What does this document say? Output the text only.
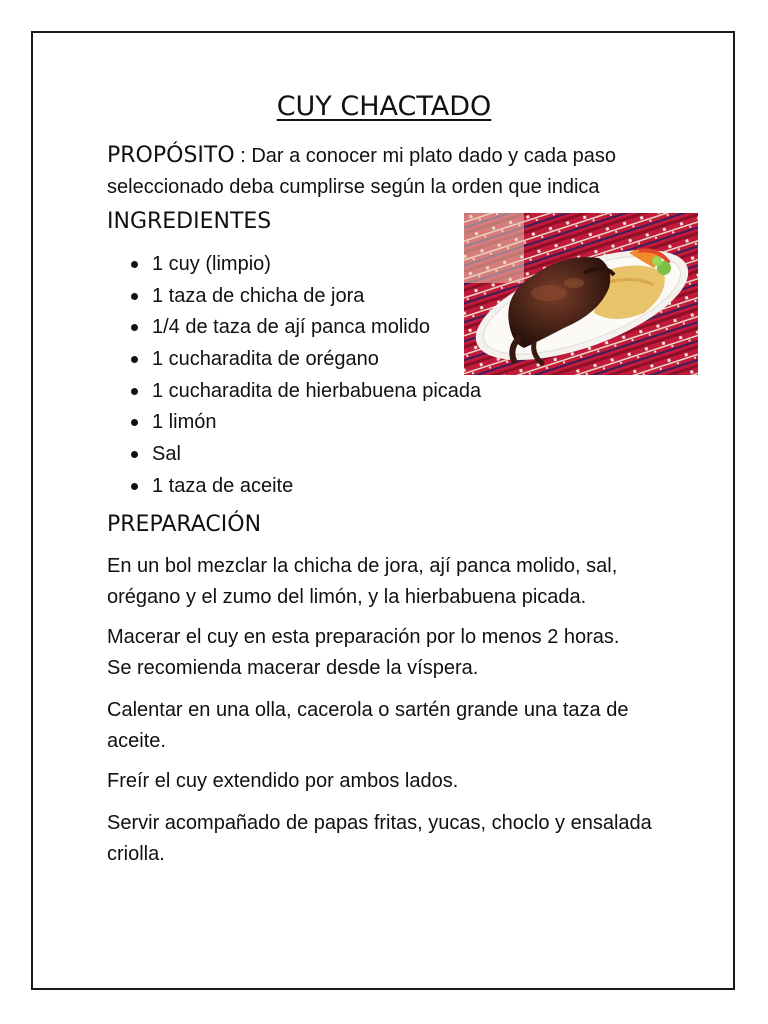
CUY CHACTADO

PROPÓSITO : Dar a conocer mi plato dado y cada paso
seleccionado deba cumplirse según la orden que indica

INGREDIENTES
1 cuy (limpio)
1 taza de chicha de jora
1/4 de taza de ají panca molido
1 cucharadita de orégano
1 cucharadita de hierbabuena picada
1 limón
Sal
1 taza de aceite
PREPARACIÓN

En un bol mezclar la chicha de jora, ají panca molido, sal,
orégano y el zumo del limón, y la hierbabuena picada.

Macerar el cuy en esta preparación por lo menos 2 horas.
Se recomienda macerar desde la víspera.

Calentar en una olla, cacerola o sartén grande una taza de
aceite.

Freír el cuy extendido por ambos lados.

Servir acompañado de papas fritas, yucas, choclo y ensalada
criolla.
